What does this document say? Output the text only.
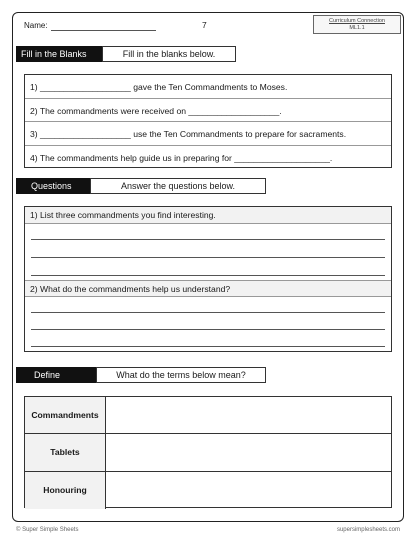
Name:	7	Curriculum Connection
ML1.1
Fill in the Blanks	Fill in the blanks below.
1) ___________________ gave the Ten Commandments to Moses.
2) The commandments were received on ___________________.
3) ___________________ use the Ten Commandments to prepare for sacraments.
4) The commandments help guide us in preparing for ____________________.
Questions	Answer the questions below.
1) List three commandments you find interesting.
2) What do the commandments help us understand?
Define	What do the terms below mean?
Commandments
Tablets
Honouring
© Super Simple Sheets	supersimplesheets.com
